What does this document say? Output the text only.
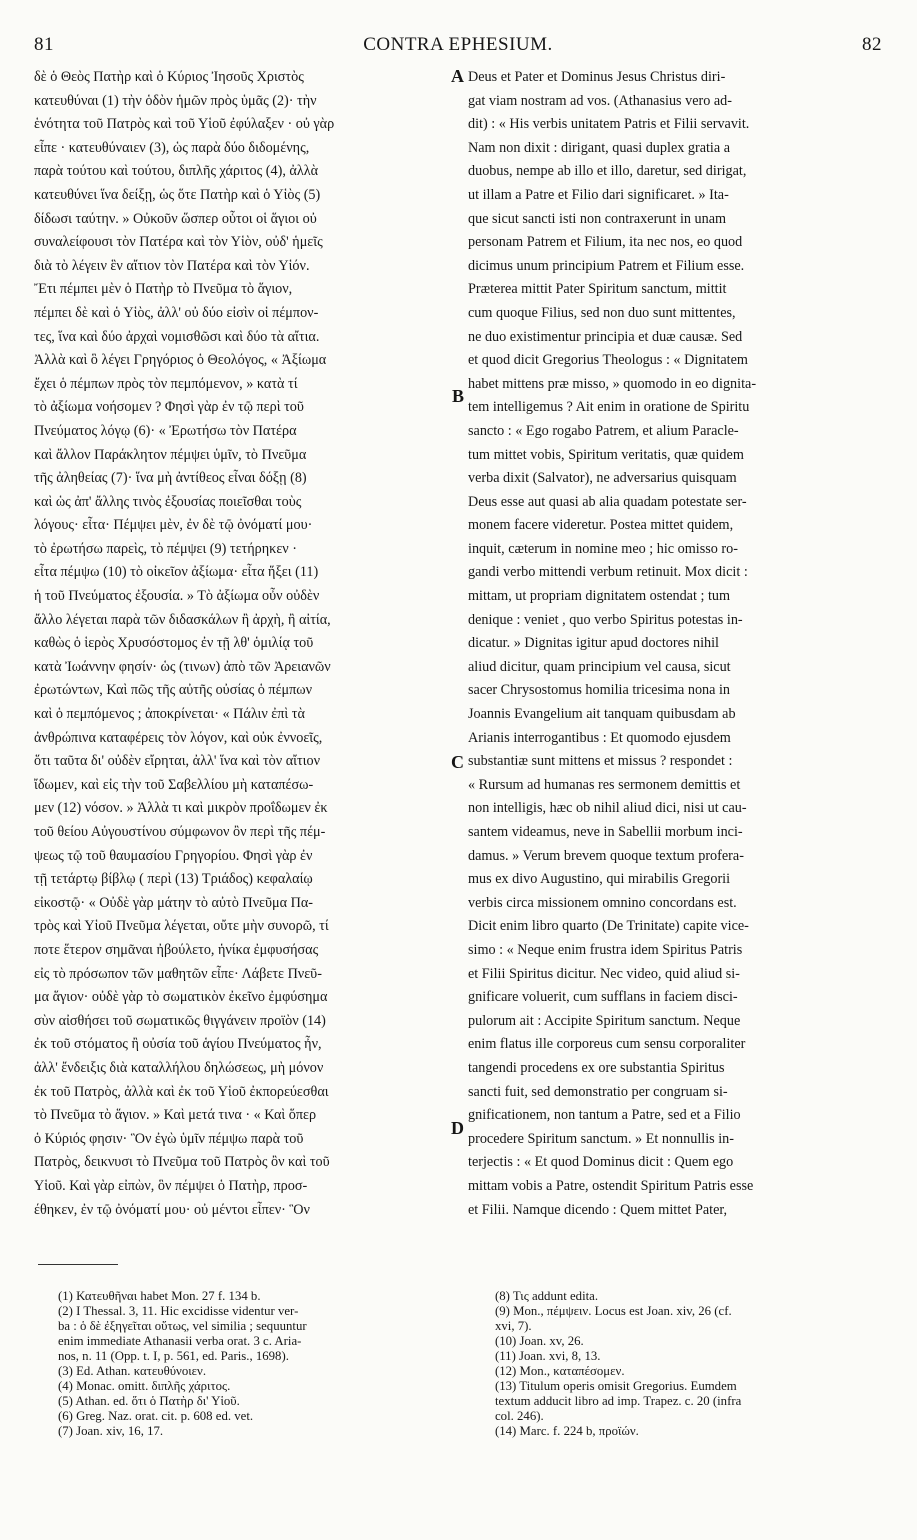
81	CONTRA EPHESIUM.	82
δὲ ὁ Θεὸς Πατὴρ καὶ ὁ Κύριος Ἰησοῦς Χριστὸς
κατευθύναι (1) τὴν ὁδὸν ἡμῶν πρὸς ὑμᾶς (2)· τὴν
ἑνότητα τοῦ Πατρὸς καὶ τοῦ Υἱοῦ ἐφύλαξεν · οὐ γὰρ
εἶπε · κατευθύναιεν (3), ὡς παρὰ δύο διδομένης,
παρὰ τούτου καὶ τούτου, διπλῆς χάριτος (4), ἀλλὰ
κατευθύνει ἵνα δείξῃ, ὡς ὅτε Πατὴρ καὶ ὁ Υἱὸς (5)
δίδωσι ταύτην. » Οὐκοῦν ὥσπερ οὗτοι οἱ ἅγιοι οὐ
συναλείφουσι τὸν Πατέρα καὶ τὸν Υἱὸν, οὐδ' ἡμεῖς
διὰ τὸ λέγειν ἓν αἴτιον τὸν Πατέρα καὶ τὸν Υἱόν.
Ἔτι πέμπει μὲν ὁ Πατὴρ τὸ Πνεῦμα τὸ ἅγιον,
πέμπει δὲ καὶ ὁ Υἱὸς, ἀλλ' οὐ δύο εἰσὶν οἱ πέμπον-
τες, ἵνα καὶ δύο ἀρχαὶ νομισθῶσι καὶ δύο τὰ αἴτια.
Ἀλλὰ καὶ ὃ λέγει Γρηγόριος ὁ Θεολόγος, « Ἀξίωμα
ἔχει ὁ πέμπων πρὸς τὸν πεμπόμενον, » κατὰ τί
τὸ ἀξίωμα νοήσομεν ? Φησὶ γὰρ ἐν τῷ περὶ τοῦ
Πνεύματος λόγῳ (6)· « Ἐρωτήσω τὸν Πατέρα
καὶ ἄλλον Παράκλητον πέμψει ὑμῖν, τὸ Πνεῦμα
τῆς ἀληθείας (7)· ἵνα μὴ ἀντίθεος εἶναι δόξῃ (8)
καὶ ὡς ἀπ' ἄλλης τινὸς ἐξουσίας ποιεῖσθαι τοὺς
λόγους· εἶτα· Πέμψει μὲν, ἐν δὲ τῷ ὀνόματί μου·
τὸ ἐρωτήσω παρεὶς, τὸ πέμψει (9) τετήρηκεν ·
εἶτα πέμψω (10) τὸ οἰκεῖον ἀξίωμα· εἶτα ἥξει (11)
ἡ τοῦ Πνεύματος ἐξουσία. » Τὸ ἀξίωμα οὖν οὐδὲν
ἄλλο λέγεται παρὰ τῶν διδασκάλων ἢ ἀρχὴ, ἢ αἰτία,
καθὼς ὁ ἱερὸς Χρυσόστομος ἐν τῇ λθ' ὁμιλίᾳ τοῦ
κατὰ Ἰωάννην φησίν· ὡς (τινων) ἀπὸ τῶν Ἀρειανῶν
ἐρωτώντων, Καὶ πῶς τῆς αὐτῆς οὐσίας ὁ πέμπων
καὶ ὁ πεμπόμενος ; ἀποκρίνεται· « Πάλιν ἐπὶ τὰ
ἀνθρώπινα καταφέρεις τὸν λόγον, καὶ οὐκ ἐννοεῖς,
ὅτι ταῦτα δι' οὐδὲν εἴρηται, ἀλλ' ἵνα καὶ τὸν αἴτιον
ἴδωμεν, καὶ εἰς τὴν τοῦ Σαβελλίου μὴ καταπέσω-
μεν (12) νόσον. » Ἀλλὰ τι καὶ μικρὸν προΐδωμεν ἐκ
τοῦ θείου Αὐγουστίνου σύμφωνον ὂν περὶ τῆς πέμ-
ψεως τῷ τοῦ θαυμασίου Γρηγορίου. Φησὶ γὰρ ἐν
τῇ τετάρτῳ βίβλῳ ( περὶ (13) Τριάδος) κεφαλαίῳ
εἰκοστῷ· « Οὐδὲ γὰρ μάτην τὸ αὐτὸ Πνεῦμα Πα-
τρὸς καὶ Υἱοῦ Πνεῦμα λέγεται, οὔτε μὴν συνορῶ, τί
ποτε ἕτερον σημᾶναι ἠβούλετο, ἡνίκα ἐμφυσήσας
εἰς τὸ πρόσωπον τῶν μαθητῶν εἶπε· Λάβετε Πνεῦ-
μα ἅγιον· οὐδὲ γὰρ τὸ σωματικὸν ἐκεῖνο ἐμφύσημα
σὺν αἰσθήσει τοῦ σωματικῶς θιγγάνειν προϊὸν (14)
ἐκ τοῦ στόματος ἢ οὐσία τοῦ ἁγίου Πνεύματος ἦν,
ἀλλ' ἔνδειξις διὰ καταλλήλου δηλώσεως, μὴ μόνον
ἐκ τοῦ Πατρὸς, ἀλλὰ καὶ ἐκ τοῦ Υἱοῦ ἐκπορεύεσθαι
τὸ Πνεῦμα τὸ ἅγιον. » Καὶ μετά τινα · « Καὶ ὅπερ
ὁ Κύριός φησιν· Ὃν ἐγὼ ὑμῖν πέμψω παρὰ τοῦ
Πατρὸς, δεικνυσι τὸ Πνεῦμα τοῦ Πατρὸς ὂν καὶ τοῦ
Υἱοῦ. Καὶ γὰρ εἰπὼν, ὃν πέμψει ὁ Πατὴρ, προσ-
έθηκεν, ἐν τῷ ὀνόματί μου· οὐ μέντοι εἶπεν· Ὃν
Deus et Pater et Dominus Jesus Christus diri-
gat viam nostram ad vos. (Athanasius vero ad-
dit) : « His verbis unitatem Patris et Filii servavit.
Nam non dixit : dirigant, quasi duplex gratia a
duobus, nempe ab illo et illo, daretur, sed dirigat,
ut illam a Patre et Filio dari significaret. » Ita-
que sicut sancti isti non contraxerunt in unam
personam Patrem et Filium, ita nec nos, eo quod
dicimus unum principium Patrem et Filium esse.
Præterea mittit Pater Spiritum sanctum, mittit
cum quoque Filius, sed non duo sunt mittentes,
ne duo existimentur principia et duæ causæ. Sed
et quod dicit Gregorius Theologus : « Dignitatem
habet mittens præ misso, » quomodo in eo dignita-
tem intelligemus ? Ait enim in oratione de Spiritu
sancto : « Ego rogabo Patrem, et alium Paracle-
tum mittet vobis, Spiritum veritatis, quæ quidem
verba dixit (Salvator), ne adversarius quisquam
Deus esse aut quasi ab alia quadam potestate ser-
monem facere videretur. Postea mittet quidem,
inquit, cæterum in nomine meo ; hic omisso ro-
gandi verbo mittendi verbum retinuit. Mox dicit :
mittam, ut propriam dignitatem ostendat ; tum
denique : veniet , quo verbo Spiritus potestas in-
dicatur. » Dignitas igitur apud doctores nihil
aliud dicitur, quam principium vel causa, sicut
sacer Chrysostomus homilia tricesima nona in
Joannis Evangelium ait tanquam quibusdam ab
Arianis interrogantibus : Et quomodo ejusdem
substantiæ sunt mittens et missus ? respondet :
« Rursum ad humanas res sermonem demittis et
non intelligis, hæc ob nihil aliud dici, nisi ut cau-
santem videamus, neve in Sabellii morbum inci-
damus. » Verum brevem quoque textum profera-
mus ex divo Augustino, qui mirabilis Gregorii
verbis circa missionem omnino concordans est.
Dicit enim libro quarto (De Trinitate) capite vice-
simo : « Neque enim frustra idem Spiritus Patris
et Filii Spiritus dicitur. Nec video, quid aliud si-
gnificare voluerit, cum sufflans in faciem disci-
pulorum ait : Accipite Spiritum sanctum. Neque
enim flatus ille corporeus cum sensu corporaliter
tangendi procedens ex ore substantia Spiritus
sancti fuit, sed demonstratio per congruam si-
gnificationem, non tantum a Patre, sed et a Filio
procedere Spiritum sanctum. » Et nonnullis in-
terjectis : « Et quod Dominus dicit : Quem ego
mittam vobis a Patre, ostendit Spiritum Patris esse
et Filii. Namque dicendo : Quem mittet Pater,
A
B
C
D
(1) Κατευθῆναι habet Mon. 27 f. 134 b.
(2) I Thessal. 3, 11. Hic excidisse videntur ver-
ba : ὁ δὲ ἐξηγεῖται οὕτως, vel similia ; sequuntur
enim immediate Athanasii verba orat. 3 c. Aria-
nos, n. 11 (Opp. t. I, p. 561, ed. Paris., 1698).
(3) Ed. Athan. κατευθύνοιεν.
(4) Monac. omitt. διπλῆς χάριτος.
(5) Athan. ed. ὅτι ὁ Πατὴρ δι' Υἱοῦ.
(6) Greg. Naz. orat. cit. p. 608 ed. vet.
(7) Joan. xiv, 16, 17.
(8) Τις addunt edita.
(9) Mon., πέμψειν. Locus est Joan. xiv, 26 (cf.
xvi, 7).
(10) Joan. xv, 26.
(11) Joan. xvi, 8, 13.
(12) Mon., καταπέσομεν.
(13) Titulum operis omisit Gregorius. Eumdem
textum adducit libro ad imp. Trapez. c. 20 (infra
col. 246).
(14) Marc. f. 224 b, προϊών.
